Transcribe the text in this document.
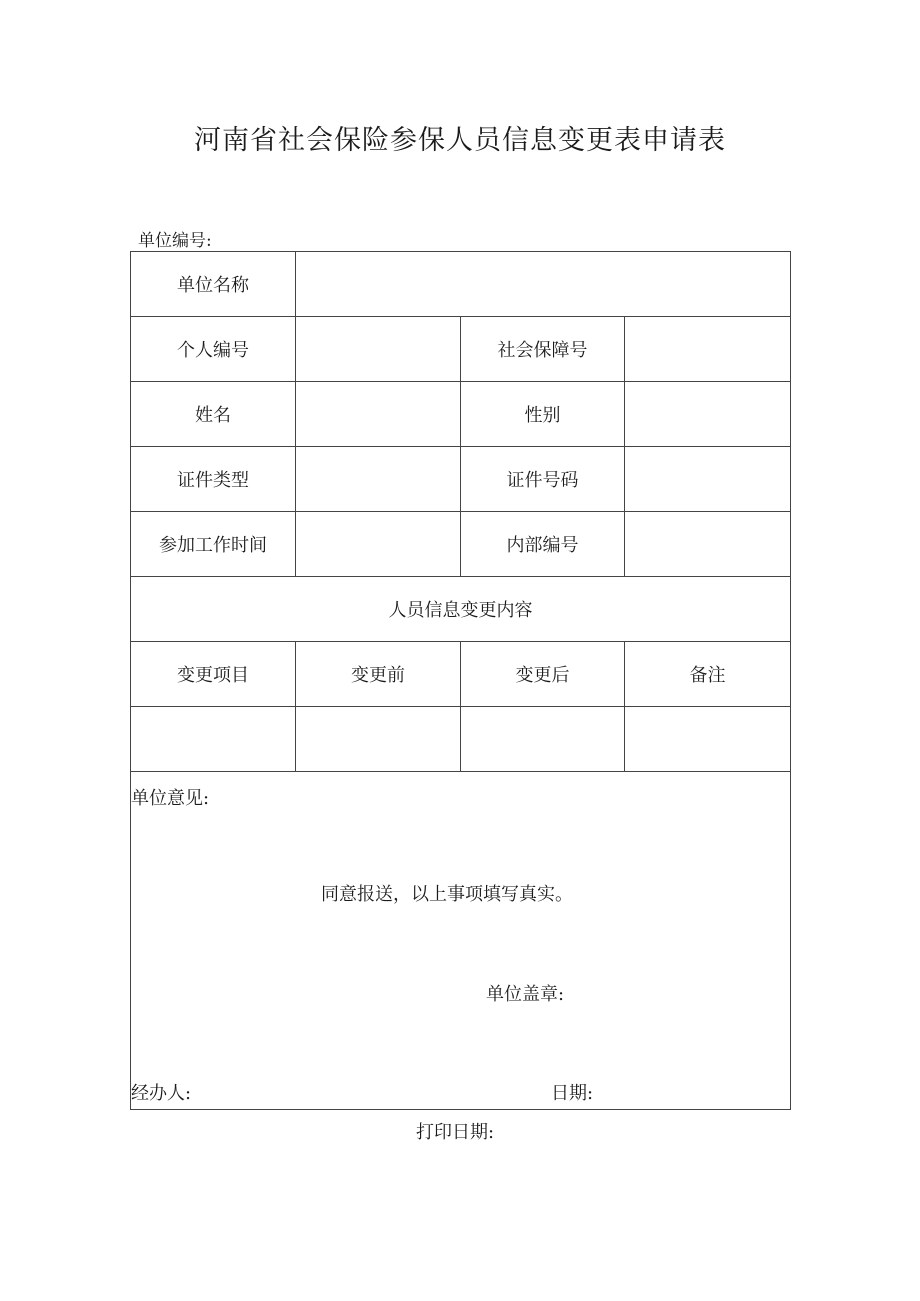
河南省社会保险参保人员信息变更表申请表
单位编号:
单位名称			
个人编号		社会保障号	
姓名		性别	
证件类型		证件号码	
参加工作时间		内部编号	
人员信息变更内容			
变更项目	变更前	变更后	备注

单位意见:
同意报送，以上事项填写真实。
单位盖章:
经办人: 日期:			
打印日期:
